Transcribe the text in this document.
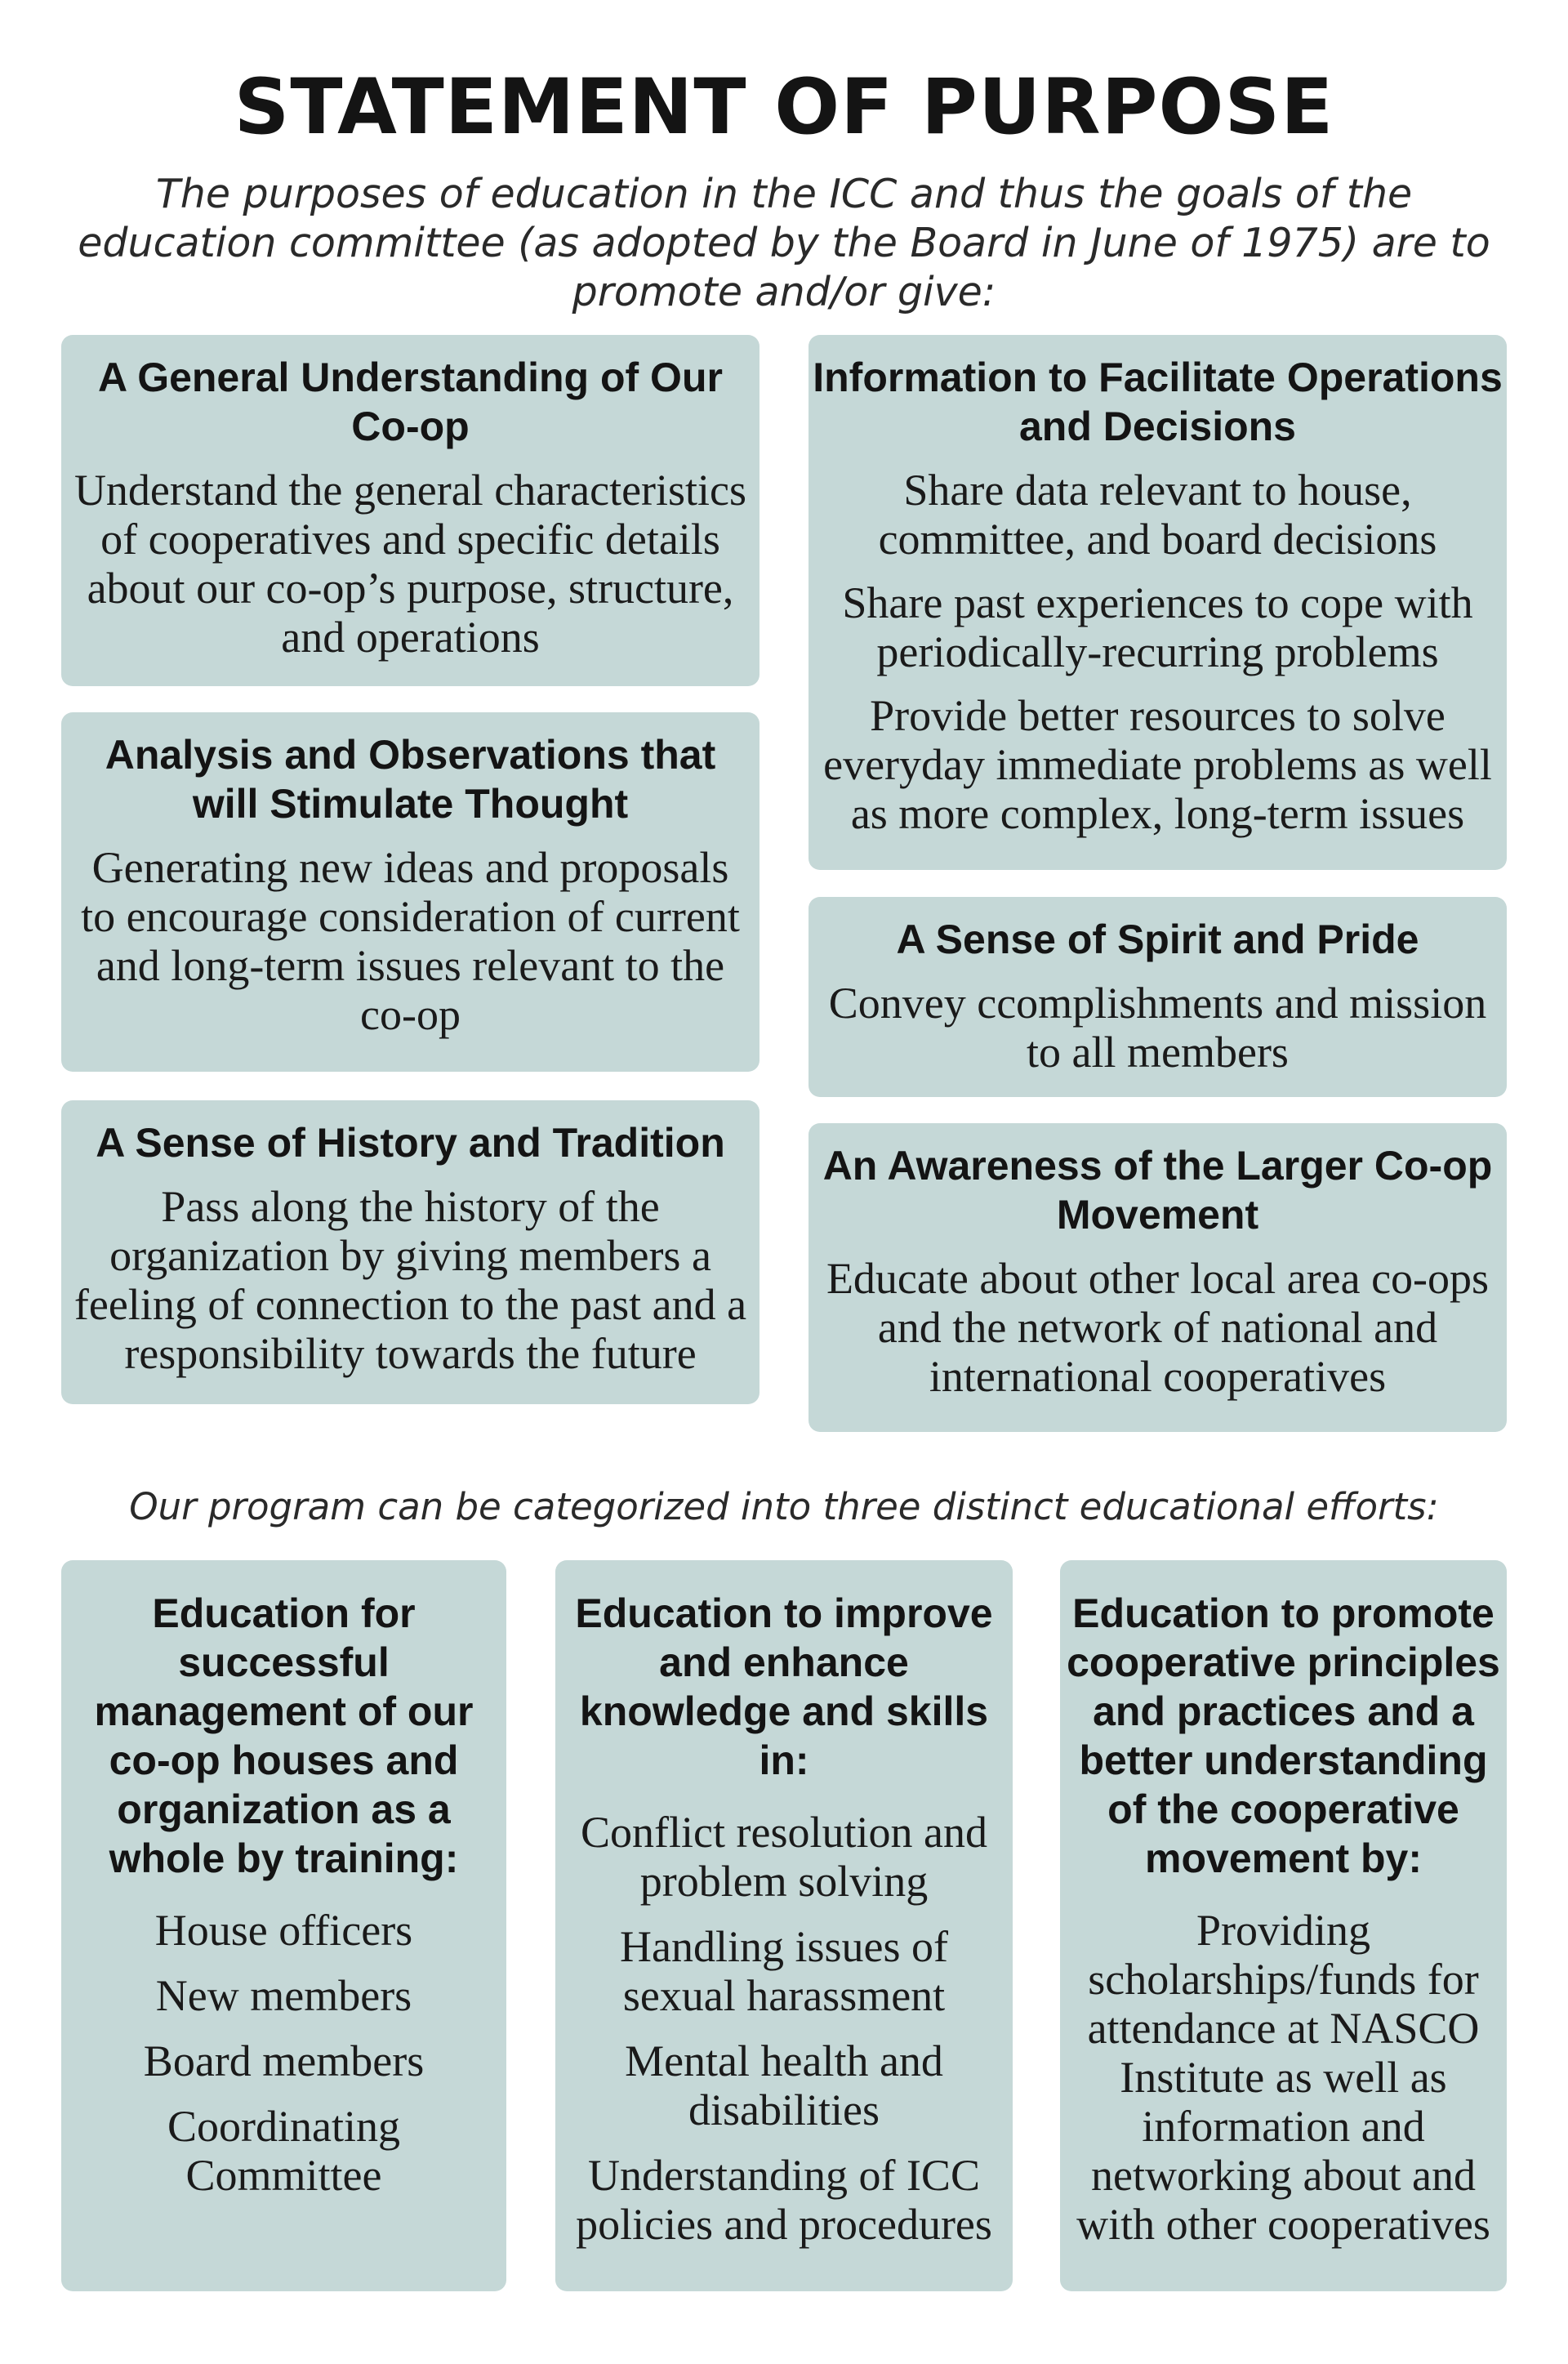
STATEMENT OF PURPOSE
The purposes of education in the ICC and thus the goals of the education committee (as adopted by the Board in June of 1975) are to promote and/or give:
A General Understanding of Our Co-op
Understand the general characteristics of cooperatives and specific details about our co-op’s purpose, structure, and operations
Analysis and Observations that will Stimulate Thought
Generating new ideas and proposals to encourage consideration of current and long-term issues relevant to the co-op
A Sense of History and Tradition
Pass along the history of the organization by giving members a feeling of connection to the past and a responsibility towards the future
Information to Facilitate Operations and Decisions
Share data relevant to house, committee, and board decisions
Share past experiences to cope with periodically-recurring problems
Provide better resources to solve everyday immediate problems as well as more complex, long-term issues
A Sense of Spirit and Pride
Convey ccomplishments and mission to all members
An Awareness of the Larger Co-op Movement
Educate about other local area co-ops and the network of national and international cooperatives
Our program can be categorized into three distinct educational efforts:
Education for successful management of our co-op houses and organization as a whole by training:
House officers
New members
Board members
Coordinating Committee
Education to improve and enhance knowledge and skills in:
Conflict resolution and problem solving
Handling issues of sexual harassment
Mental health and disabilities
Understanding of ICC policies and procedures
Education to promote cooperative principles and practices and a better understanding of the cooperative movement by:
Providing scholarships/funds for attendance at NASCO Institute as well as information and networking about and with other cooperatives
